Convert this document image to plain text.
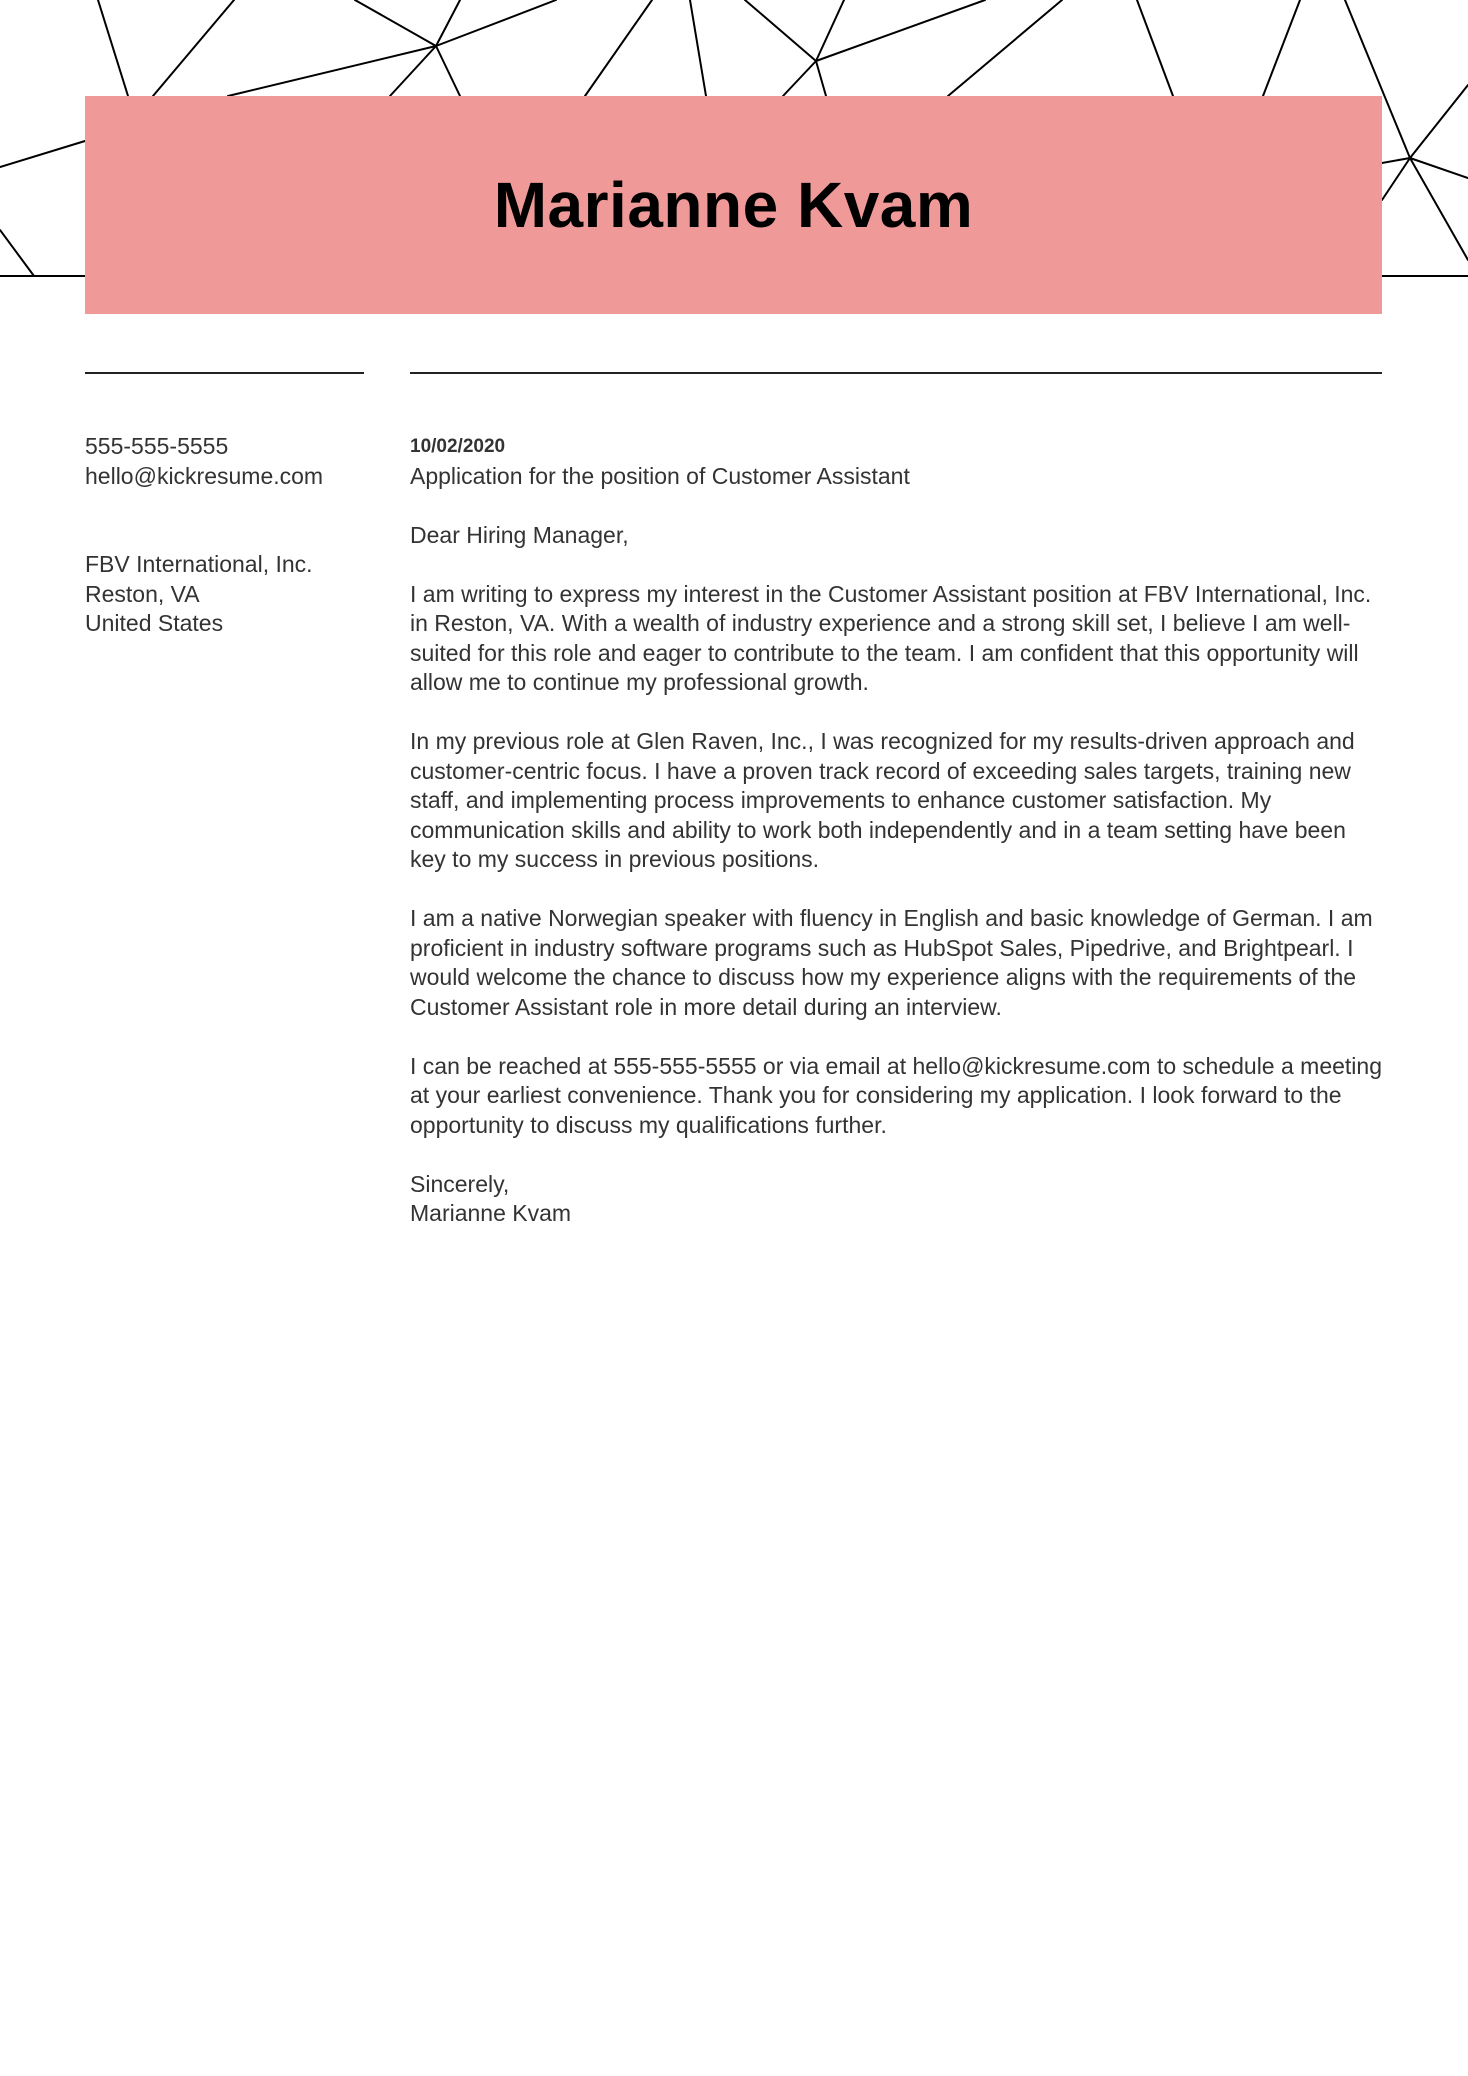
Marianne Kvam
555-555-5555
hello@kickresume.com
FBV International, Inc.
Reston, VA
United States
10/02/2020
Application for the position of Customer Assistant

Dear Hiring Manager,

I am writing to express my interest in the Customer Assistant position at FBV International, Inc. in Reston, VA. With a wealth of industry experience and a strong skill set, I believe I am well-suited for this role and eager to contribute to the team. I am confident that this opportunity will allow me to continue my professional growth.

In my previous role at Glen Raven, Inc., I was recognized for my results-driven approach and customer-centric focus. I have a proven track record of exceeding sales targets, training new staff, and implementing process improvements to enhance customer satisfaction. My communication skills and ability to work both independently and in a team setting have been key to my success in previous positions.

I am a native Norwegian speaker with fluency in English and basic knowledge of German. I am proficient in industry software programs such as HubSpot Sales, Pipedrive, and Brightpearl. I would welcome the chance to discuss how my experience aligns with the requirements of the Customer Assistant role in more detail during an interview.

I can be reached at 555-555-5555 or via email at hello@kickresume.com to schedule a meeting at your earliest convenience. Thank you for considering my application. I look forward to the opportunity to discuss my qualifications further.

Sincerely,
Marianne Kvam
